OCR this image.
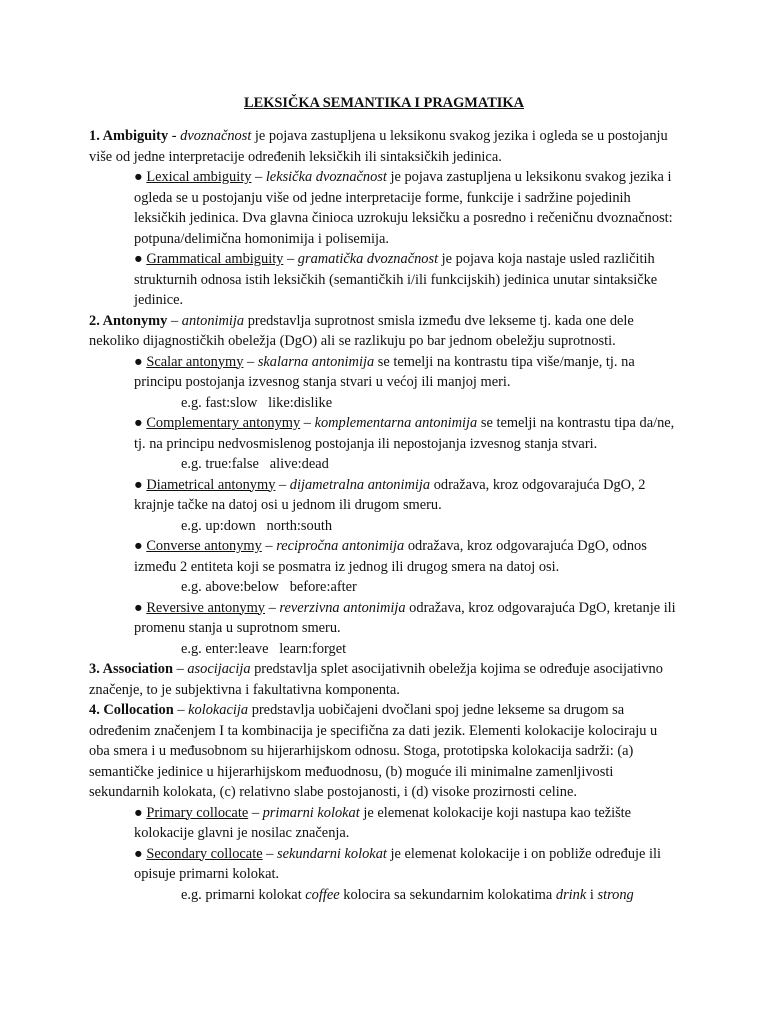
LEKSIČKA SEMANTIKA I PRAGMATIKA

1. Ambiguity - dvoznačnost je pojava zastupljena u leksikonu svakog jezika i ogleda se u postojanju više od jedne interpretacije određenih leksičkih ili sintaksičkih jedinica.

● Lexical ambiguity – leksička dvoznačnost je pojava zastupljena u leksikonu svakog jezika i ogleda se u postojanju više od jedne interpretacije forme, funkcije i sadržine pojedinih leksičkih jedinica. Dva glavna činioca uzrokuju leksičku a posredno i rečeničnu dvoznačnost: potpuna/delimična homonimija i polisemija.

● Grammatical ambiguity – gramatička dvoznačnost je pojava koja nastaje usled različitih strukturnih odnosa istih leksičkih (semantičkih i/ili funkcijskih) jedinica unutar sintaksičke jedinice.

2. Antonymy – antonimija predstavlja suprotnost smisla između dve lekseme tj. kada one dele nekoliko dijagnostičkih obeležja (DgO) ali se razlikuju po bar jednom obeležju suprotnosti.

● Scalar antonymy – skalarna antonimija se temelji na kontrastu tipa više/manje, tj. na principu postojanja izvesnog stanja stvari u većoj ili manjoj meri.

e.g. fast:slow   like:dislike

● Complementary antonymy – komplementarna antonimija se temelji na kontrastu tipa da/ne, tj. na principu nedvosmislenog postojanja ili nepostojanja izvesnog stanja stvari.

e.g. true:false   alive:dead

● Diametrical antonymy – dijametralna antonimija odražava, kroz odgovarajuća DgO, 2 krajnje tačke na datoj osi u jednom ili drugom smeru.

e.g. up:down   north:south

● Converse antonymy – recipročna antonimija odražava, kroz odgovarajuća DgO, odnos između 2 entiteta koji se posmatra iz jednog ili drugog smera na datoj osi.

e.g. above:below   before:after

● Reversive antonymy – reverzivna antonimija odražava, kroz odgovarajuća DgO, kretanje ili promenu stanja u suprotnom smeru.

e.g. enter:leave   learn:forget

3. Association – asocijacija predstavlja splet asocijativnih obeležja kojima se određuje asocijativno značenje, to je subjektivna i fakultativna komponenta.

4. Collocation – kolokacija predstavlja uobičajeni dvočlani spoj jedne lekseme sa drugom sa određenim značenjem I ta kombinacija je specifična za dati jezik. Elementi kolokacije kolociraju u oba smera i u međusobnom su hijerarhijskom odnosu. Stoga, prototipska kolokacija sadrži: (a) semantičke jedinice u hijerarhijskom međuodnosu, (b) moguće ili minimalne zamenljivosti sekundarnih kolokata, (c) relativno slabe postojanosti, i (d) visoke prozirnosti celine.

● Primary collocate – primarni kolokat je elemenat kolokacije koji nastupa kao težište kolokacije glavni je nosilac značenja.

● Secondary collocate – sekundarni kolokat je elemenat kolokacije i on pobliže određuje ili opisuje primarni kolokat.

e.g. primarni kolokat coffee kolocira sa sekundarnim kolokatima drink i strong
